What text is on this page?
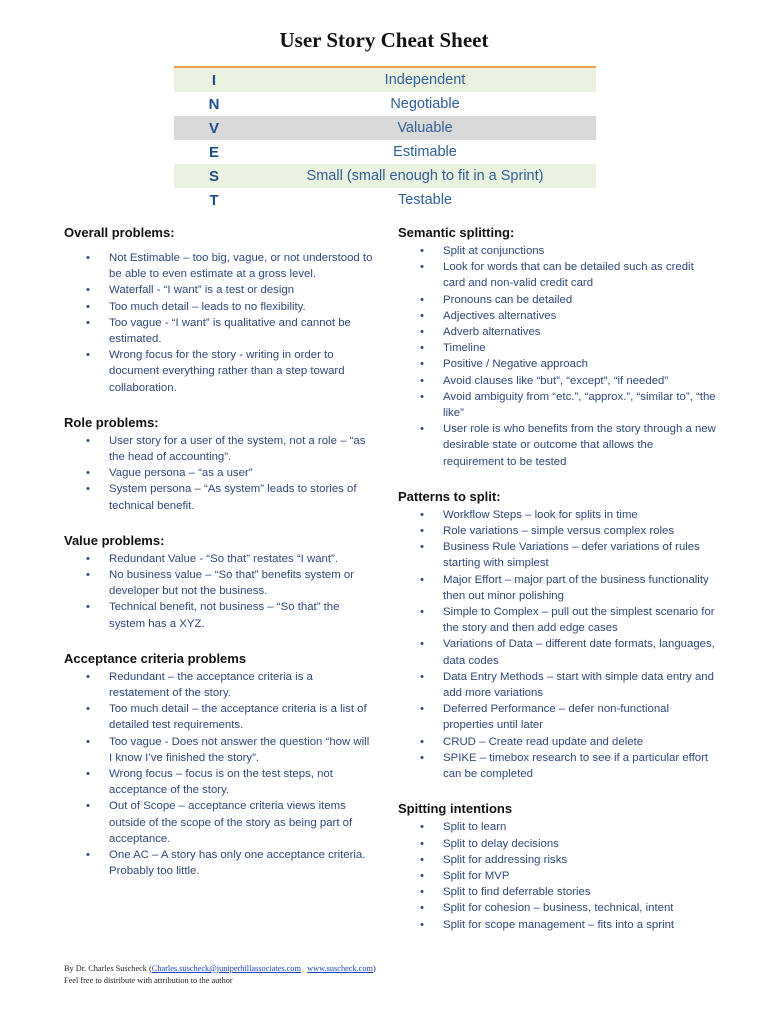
User Story Cheat Sheet
I	Independent
N	Negotiable
V	Valuable
E	Estimable
S	Small (small enough to fit in a Sprint)
T	Testable
Overall problems:
• Not Estimable – too big, vague, or not understood to be able to even estimate at a gross level.
• Waterfall - “I want” is a test or design
• Too much detail – leads to no flexibility.
• Too vague - “I want” is qualitative and cannot be estimated.
• Wrong focus for the story - writing in order to document everything rather than a step toward collaboration.
Role problems:
• User story for a user of the system, not a role – “as the head of accounting”.
• Vague persona – “as a user”
• System persona – “As system” leads to stories of technical benefit.
Value problems:
• Redundant Value - “So that” restates “I want”.
• No business value – “So that” benefits system or developer but not the business.
• Technical benefit, not business – “So that” the system has a XYZ.
Acceptance criteria problems
• Redundant – the acceptance criteria is a restatement of the story.
• Too much detail – the acceptance criteria is a list of detailed test requirements.
• Too vague - Does not answer the question “how will I know I’ve finished the story”.
• Wrong focus – focus is on the test steps, not acceptance of the story.
• Out of Scope – acceptance criteria views items outside of the scope of the story as being part of acceptance.
• One AC – A story has only one acceptance criteria. Probably too little.
Semantic splitting:
• Split at conjunctions
• Look for words that can be detailed such as credit card and non-valid credit card
• Pronouns can be detailed
• Adjectives alternatives
• Adverb alternatives
• Timeline
• Positive / Negative approach
• Avoid clauses like “but”, “except”, “if needed”
• Avoid ambiguity from “etc.”, “approx.”, “similar to”, “the like”
• User role is who benefits from the story through a new desirable state or outcome that allows the requirement to be tested
Patterns to split:
• Workflow Steps – look for splits in time
• Role variations – simple versus complex roles
• Business Rule Variations – defer variations of rules starting with simplest
• Major Effort – major part of the business functionality then out minor polishing
• Simple to Complex – pull out the simplest scenario for the story and then add edge cases
• Variations of Data – different date formats, languages, data codes
• Data Entry Methods – start with simple data entry and add more variations
• Deferred Performance – defer non-functional properties until later
• CRUD – Create read update and delete
• SPIKE – timebox research to see if a particular effort can be completed
Spitting intentions
• Split to learn
• Split to delay decisions
• Split for addressing risks
• Split for MVP
• Split to find deferrable stories
• Split for cohesion – business, technical, intent
• Split for scope management – fits into a sprint
By Dr. Charles Suscheck (Charles.suscheck@juniperhillassociates.com www.suscheck.com)
Feel free to distribute with attribution to the author
